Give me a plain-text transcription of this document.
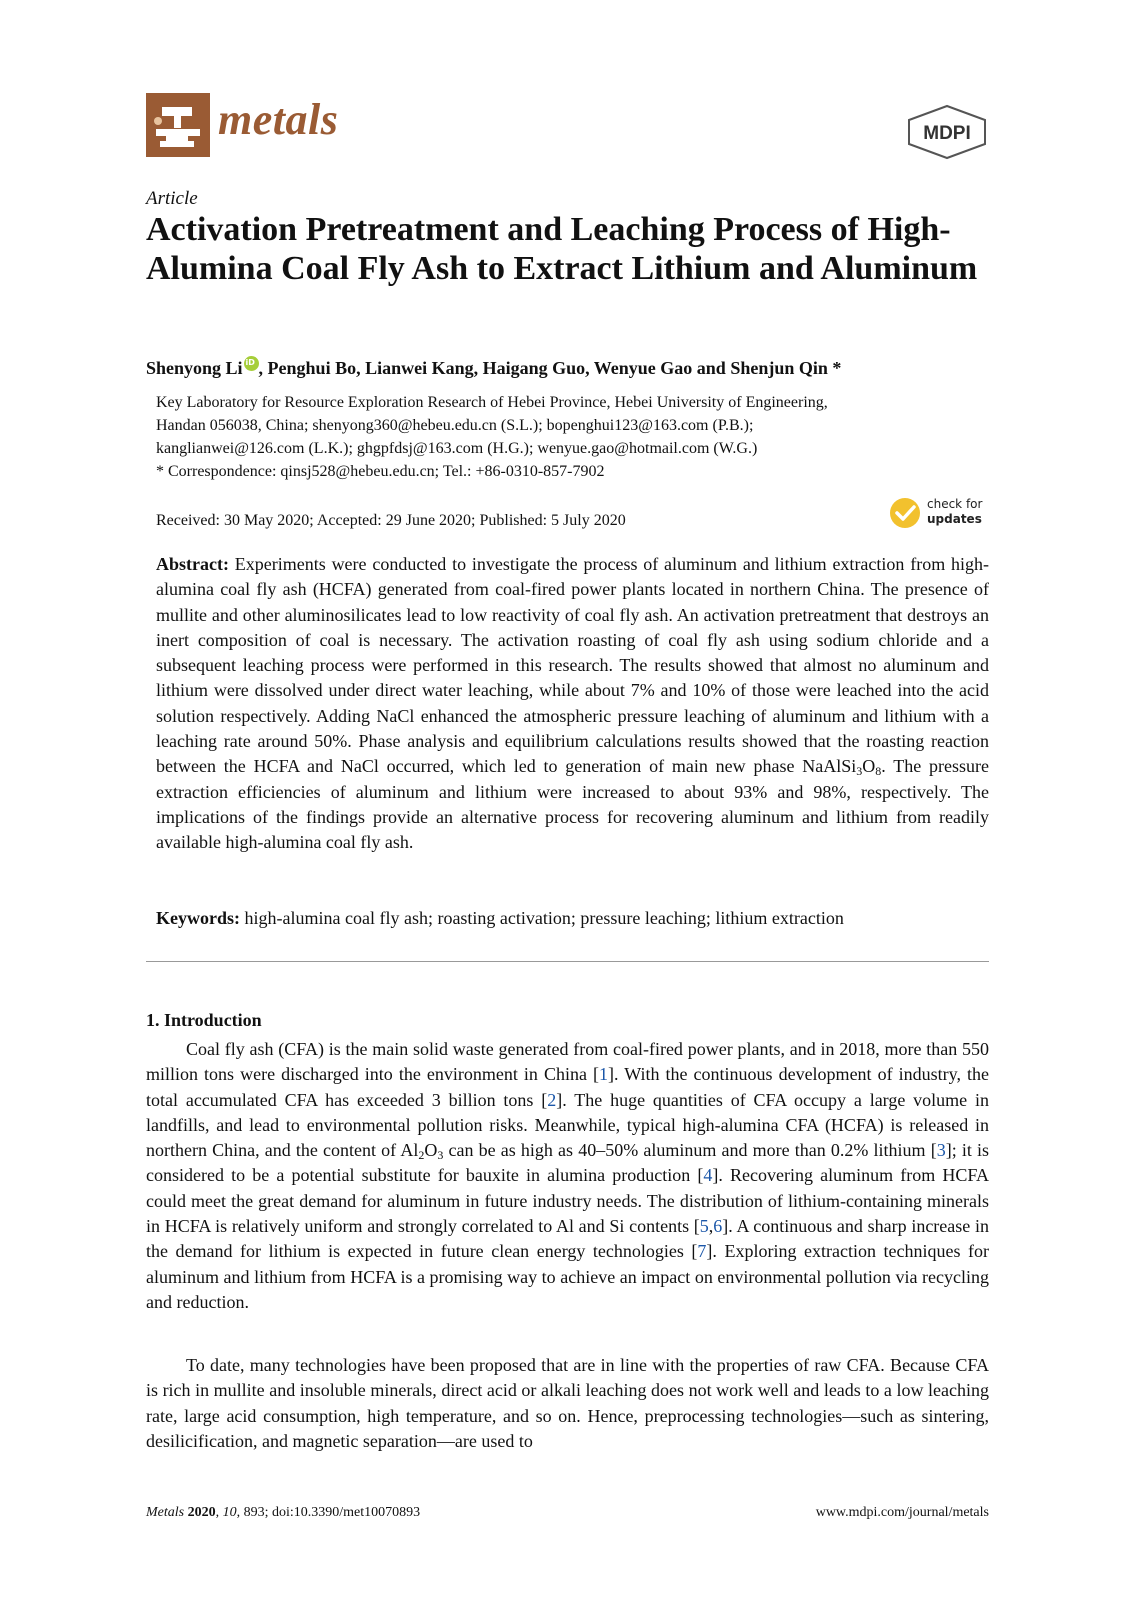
metals	MDPI
Article
Activation Pretreatment and Leaching Process of High-Alumina Coal Fly Ash to Extract Lithium and Aluminum
Shenyong LiiD , Penghui Bo, Lianwei Kang, Haigang Guo, Wenyue Gao and Shenjun Qin *
Key Laboratory for Resource Exploration Research of Hebei Province, Hebei University of Engineering,
Handan 056038, China; shenyong360@hebeu.edu.cn (S.L.); bopenghui123@163.com (P.B.);
kanglianwei@126.com (L.K.); ghgpfdsj@163.com (H.G.); wenyue.gao@hotmail.com (W.G.)
* Correspondence: qinsj528@hebeu.edu.cn; Tel.: +86-0310-857-7902
Received: 30 May 2020; Accepted: 29 June 2020; Published: 5 July 2020
check for
updates
Abstract: Experiments were conducted to investigate the process of aluminum and lithium extraction from high-alumina coal fly ash (HCFA) generated from coal-fired power plants located in northern China. The presence of mullite and other aluminosilicates lead to low reactivity of coal fly ash. An activation pretreatment that destroys an inert composition of coal is necessary. The activation roasting of coal fly ash using sodium chloride and a subsequent leaching process were performed in this research. The results showed that almost no aluminum and lithium were dissolved under direct water leaching, while about 7% and 10% of those were leached into the acid solution respectively. Adding NaCl enhanced the atmospheric pressure leaching of aluminum and lithium with a leaching rate around 50%. Phase analysis and equilibrium calculations results showed that the roasting reaction between the HCFA and NaCl occurred, which led to generation of main new phase $NaAlSi_3O_8$. The pressure extraction efficiencies of aluminum and lithium were increased to about 93% and 98%, respectively. The implications of the findings provide an alternative process for recovering aluminum and lithium from readily available high-alumina coal fly ash.
Keywords: high-alumina coal fly ash; roasting activation; pressure leaching; lithium extraction
1. Introduction
Coal fly ash (CFA) is the main solid waste generated from coal-fired power plants, and in 2018, more than 550 million tons were discharged into the environment in China [1]. With the continuous development of industry, the total accumulated CFA has exceeded 3 billion tons [2]. The huge quantities of CFA occupy a large volume in landfills, and lead to environmental pollution risks. Meanwhile, typical high-alumina CFA (HCFA) is released in northern China, and the content of $Al_2O_3$ can be as high as 40–50% aluminum and more than 0.2% lithium [3]; it is considered to be a potential substitute for bauxite in alumina production [4]. Recovering aluminum from HCFA could meet the great demand for aluminum in future industry needs. The distribution of lithium-containing minerals in HCFA is relatively uniform and strongly correlated to Al and Si contents [5,6]. A continuous and sharp increase in the demand for lithium is expected in future clean energy technologies [7]. Exploring extraction techniques for aluminum and lithium from HCFA is a promising way to achieve an impact on environmental pollution via recycling and reduction.
To date, many technologies have been proposed that are in line with the properties of raw CFA. Because CFA is rich in mullite and insoluble minerals, direct acid or alkali leaching does not work well and leads to a low leaching rate, large acid consumption, high temperature, and so on. Hence, preprocessing technologies—such as sintering, desilicification, and magnetic separation—are used to
Metals 2020, 10, 893; doi:10.3390/met10070893	www.mdpi.com/journal/metals
